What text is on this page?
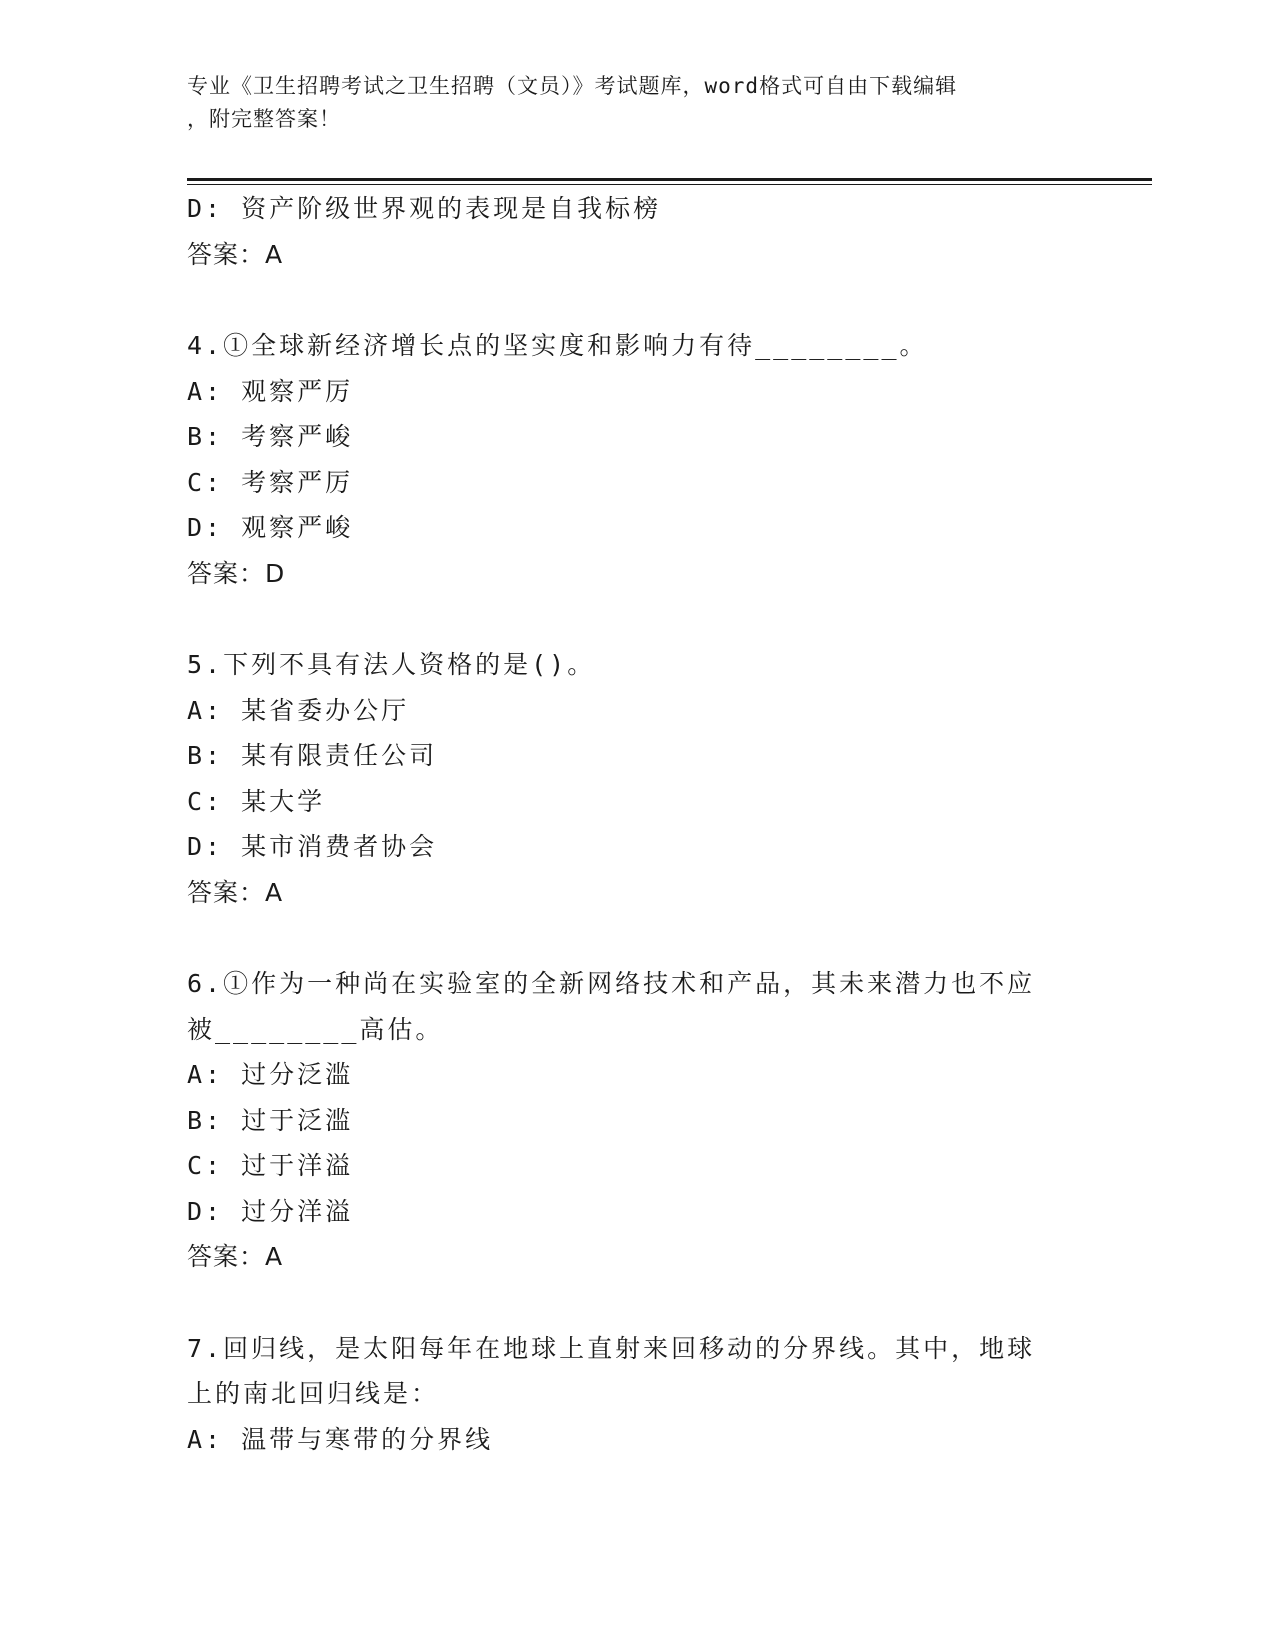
专业《卫生招聘考试之卫生招聘（文员）》考试题库，word格式可自由下载编辑
，附完整答案！
D: 资产阶级世界观的表现是自我标榜
答案：A
4.①全球新经济增长点的坚实度和影响力有待________。
A: 观察严厉
B: 考察严峻
C: 考察严厉
D: 观察严峻
答案：D
5.下列不具有法人资格的是()。
A: 某省委办公厅
B: 某有限责任公司
C: 某大学
D: 某市消费者协会
答案：A
6.①作为一种尚在实验室的全新网络技术和产品，其未来潜力也不应
被________高估。
A: 过分泛滥
B: 过于泛滥
C: 过于洋溢
D: 过分洋溢
答案：A
7.回归线，是太阳每年在地球上直射来回移动的分界线。其中，地球
上的南北回归线是：
A: 温带与寒带的分界线
